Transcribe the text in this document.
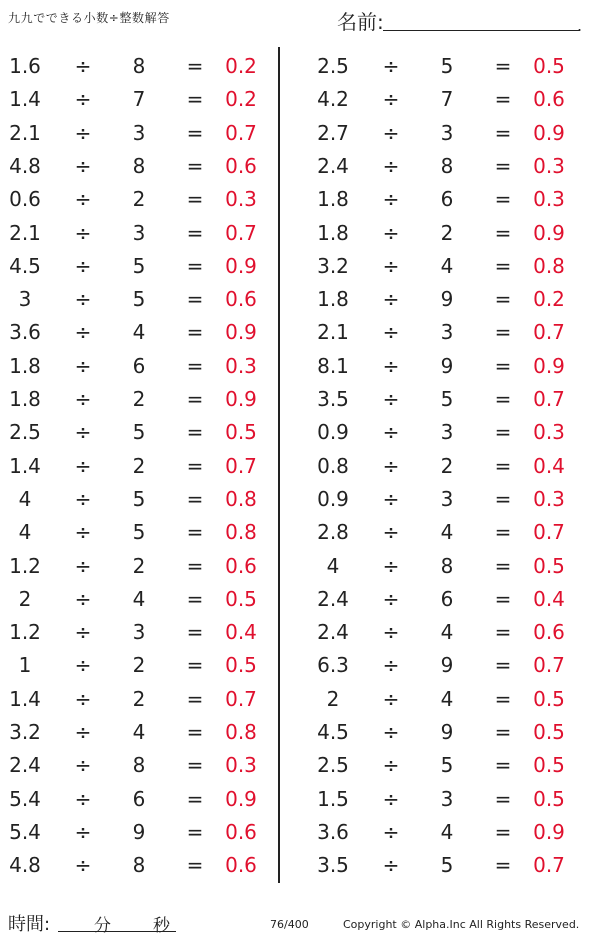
九九でできる小数÷整数解答	名前:	.
1.6	÷	8	=	0.2
1.4	÷	7	=	0.2
2.1	÷	3	=	0.7
4.8	÷	8	=	0.6
0.6	÷	2	=	0.3
2.1	÷	3	=	0.7
4.5	÷	5	=	0.9
3	÷	5	=	0.6
3.6	÷	4	=	0.9
1.8	÷	6	=	0.3
1.8	÷	2	=	0.9
2.5	÷	5	=	0.5
1.4	÷	2	=	0.7
4	÷	5	=	0.8
4	÷	5	=	0.8
1.2	÷	2	=	0.6
2	÷	4	=	0.5
1.2	÷	3	=	0.4
1	÷	2	=	0.5
1.4	÷	2	=	0.7
3.2	÷	4	=	0.8
2.4	÷	8	=	0.3
5.4	÷	6	=	0.9
5.4	÷	9	=	0.6
4.8	÷	8	=	0.6
2.5	÷	5	=	0.5
4.2	÷	7	=	0.6
2.7	÷	3	=	0.9
2.4	÷	8	=	0.3
1.8	÷	6	=	0.3
1.8	÷	2	=	0.9
3.2	÷	4	=	0.8
1.8	÷	9	=	0.2
2.1	÷	3	=	0.7
8.1	÷	9	=	0.9
3.5	÷	5	=	0.7
0.9	÷	3	=	0.3
0.8	÷	2	=	0.4
0.9	÷	3	=	0.3
2.8	÷	4	=	0.7
4	÷	8	=	0.5
2.4	÷	6	=	0.4
2.4	÷	4	=	0.6
6.3	÷	9	=	0.7
2	÷	4	=	0.5
4.5	÷	9	=	0.5
2.5	÷	5	=	0.5
1.5	÷	3	=	0.5
3.6	÷	4	=	0.9
3.5	÷	5	=	0.7
時間:	分 秒	76/400	Copyright © Alpha.Inc All Rights Reserved.
